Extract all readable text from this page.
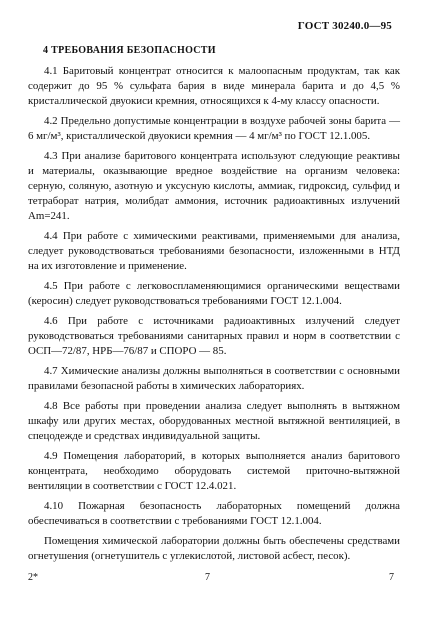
ГОСТ 30240.0—95
4 ТРЕБОВАНИЯ БЕЗОПАСНОСТИ

4.1 Баритовый концентрат относится к малоопасным продуктам, так как содержит до 95 % сульфата бария в виде минерала барита и до 4,5 % кристаллической двуокиси кремния, относящихся к 4-му классу опасности.

4.2 Предельно допустимые концентрации в воздухе рабочей зоны барита — 6 мг/м³, кристаллической двуокиси кремния — 4 мг/м³ по ГОСТ 12.1.005.

4.3 При анализе баритового концентрата используют следующие реактивы и материалы, оказывающие вредное воздействие на организм человека: серную, соляную, азотную и уксусную кислоты, аммиак, гидроксид, сульфид и тетраборат натрия, молибдат аммония, источник радиоактивных излучений Am=241.

4.4 При работе с химическими реактивами, применяемыми для анализа, следует руководствоваться требованиями безопасности, изложенными в НТД на их изготовление и применение.

4.5 При работе с легковоспламеняющимися органическими веществами (керосин) следует руководствоваться требованиями ГОСТ 12.1.004.

4.6 При работе с источниками радиоактивных излучений следует руководствоваться требованиями санитарных правил и норм в соответствии с ОСП—72/87, НРБ—76/87 и СПОРО — 85.

4.7 Химические анализы должны выполняться в соответствии с основными правилами безопасной работы в химических лабораториях.

4.8 Все работы при проведении анализа следует выполнять в вытяжном шкафу или других местах, оборудованных местной вытяжной вентиляцией, в спецодежде и средствах индивидуальной защиты.

4.9 Помещения лабораторий, в которых выполняется анализ баритового концентрата, необходимо оборудовать системой приточно-вытяжной вентиляции в соответствии с ГОСТ 12.4.021.

4.10 Пожарная безопасность лабораторных помещений должна обеспечиваться в соответствии с требованиями ГОСТ 12.1.004.

Помещения химической лаборатории должны быть обеспечены средствами огнетушения (огнетушитель с углекислотой, листовой асбест, песок).

2*	7	7
